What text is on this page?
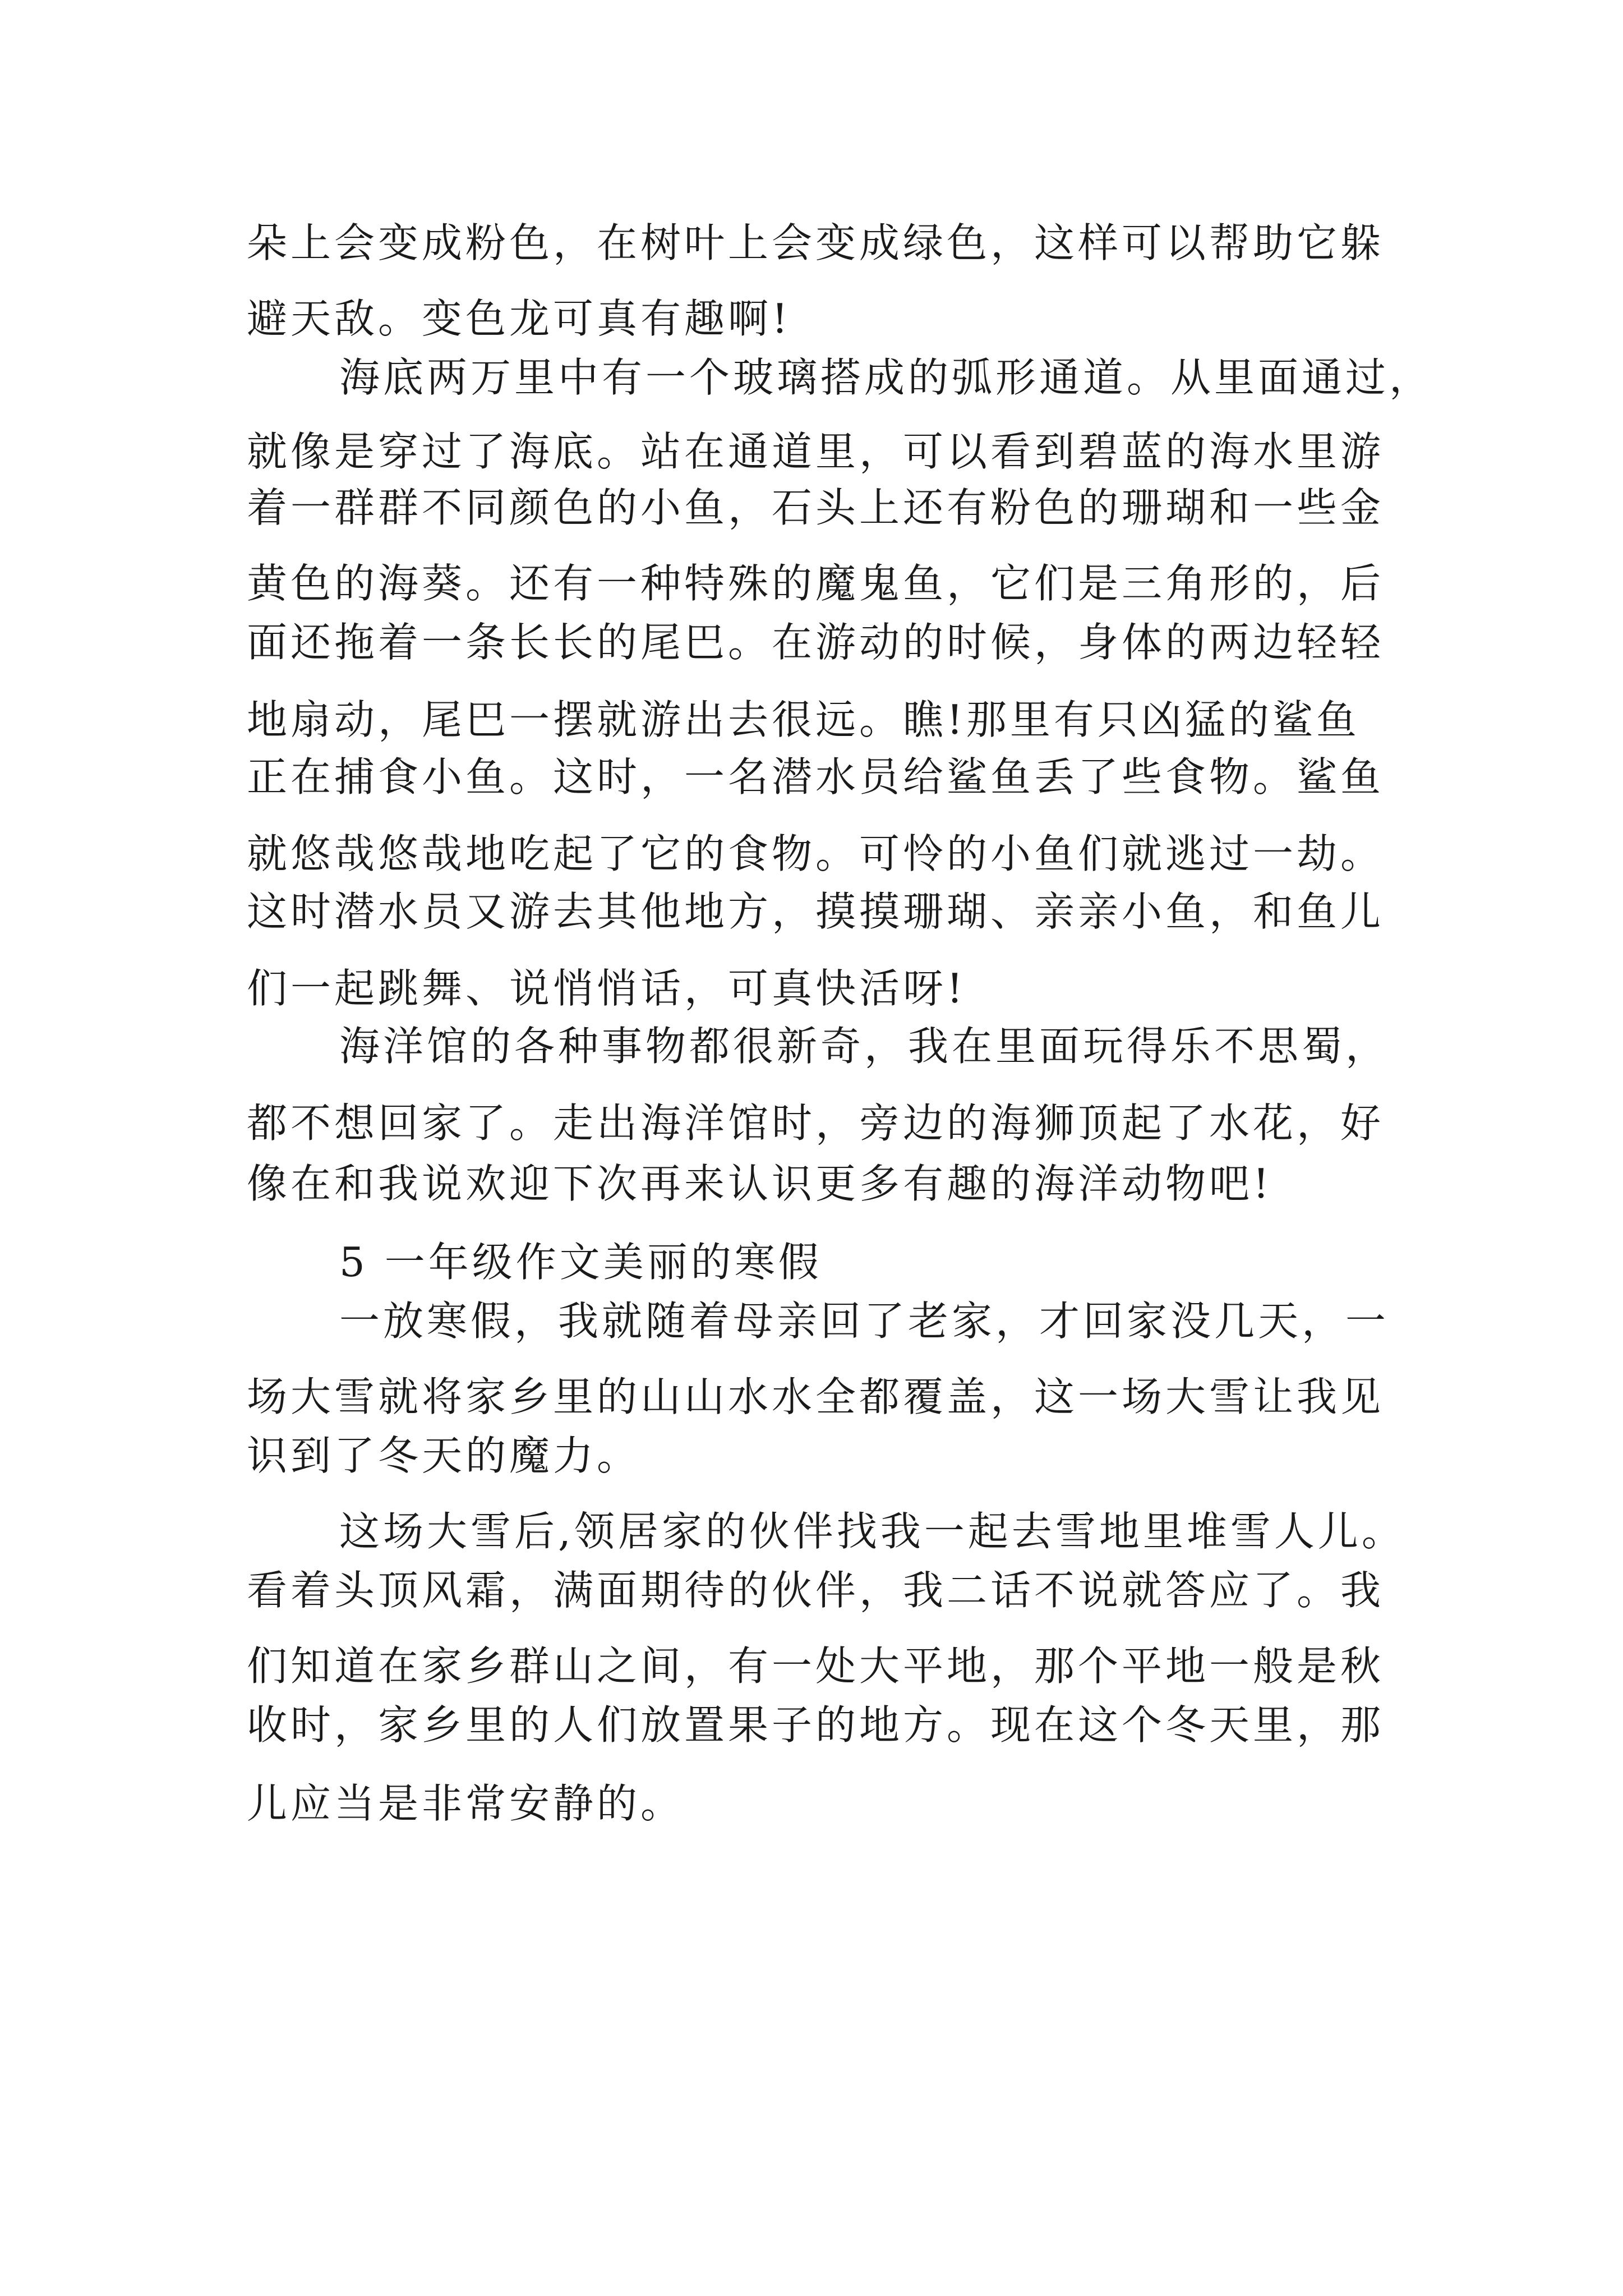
朵上会变成粉色，在树叶上会变成绿色，这样可以帮助它躲

避天敌。变色龙可真有趣啊!

海底两万里中有一个玻璃搭成的弧形通道。从里面通过，

就像是穿过了海底。站在通道里，可以看到碧蓝的海水里游

着一群群不同颜色的小鱼，石头上还有粉色的珊瑚和一些金

黄色的海葵。还有一种特殊的魔鬼鱼，它们是三角形的，后

面还拖着一条长长的尾巴。在游动的时候，身体的两边轻轻

地扇动，尾巴一摆就游出去很远。瞧!那里有只凶猛的鲨鱼

正在捕食小鱼。这时，一名潜水员给鲨鱼丢了些食物。鲨鱼

就悠哉悠哉地吃起了它的食物。可怜的小鱼们就逃过一劫。

这时潜水员又游去其他地方，摸摸珊瑚、亲亲小鱼，和鱼儿

们一起跳舞、说悄悄话，可真快活呀!

海洋馆的各种事物都很新奇，我在里面玩得乐不思蜀，

都不想回家了。走出海洋馆时，旁边的海狮顶起了水花，好

像在和我说欢迎下次再来认识更多有趣的海洋动物吧!

5 一年级作文美丽的寒假

一放寒假，我就随着母亲回了老家，才回家没几天，一

场大雪就将家乡里的山山水水全都覆盖，这一场大雪让我见

识到了冬天的魔力。

这场大雪后,领居家的伙伴找我一起去雪地里堆雪人儿。

看着头顶风霜，满面期待的伙伴，我二话不说就答应了。我

们知道在家乡群山之间，有一处大平地，那个平地一般是秋

收时，家乡里的人们放置果子的地方。现在这个冬天里，那

儿应当是非常安静的。
